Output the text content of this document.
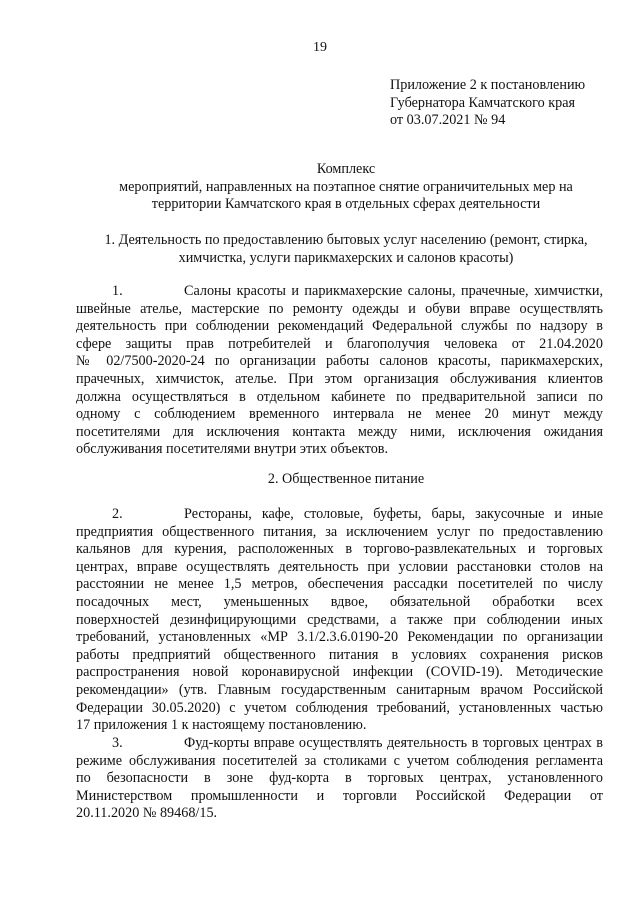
19
Приложение 2 к постановлению
Губернатора Камчатского края
от 03.07.2021 № 94
Комплекс
мероприятий, направленных на поэтапное снятие ограничительных мер на
территории Камчатского края в отдельных сферах деятельности
1. Деятельность по предоставлению бытовых услуг населению (ремонт, стирка,
химчистка, услуги парикмахерских и салонов красоты)
1.	Салоны красоты и парикмахерские салоны, прачечные, химчистки,
швейные ателье, мастерские по ремонту одежды и обуви вправе осуществлять
деятельность при соблюдении рекомендаций Федеральной службы по надзору в
сфере защиты прав потребителей и благополучия человека от 21.04.2020
№ 02/7500-2020-24 по организации работы салонов красоты, парикмахерских,
прачечных, химчисток, ателье. При этом организация обслуживания клиентов
должна осуществляться в отдельном кабинете по предварительной записи по
одному с соблюдением временного интервала не менее 20 минут между
посетителями для исключения контакта между ними, исключения ожидания
обслуживания посетителями внутри этих объектов.
2. Общественное питание
2.	Рестораны, кафе, столовые, буфеты, бары, закусочные и иные
предприятия общественного питания, за исключением услуг по предоставлению
кальянов для курения, расположенных в торгово-развлекательных и торговых
центрах, вправе осуществлять деятельность при условии расстановки столов на
расстоянии не менее 1,5 метров, обеспечения рассадки посетителей по числу
посадочных мест, уменьшенных вдвое, обязательной обработки всех
поверхностей дезинфицирующими средствами, а также при соблюдении иных
требований, установленных «МР 3.1/2.3.6.0190-20 Рекомендации по организации
работы предприятий общественного питания в условиях сохранения рисков
распространения новой коронавирусной инфекции (COVID-19). Методические
рекомендации» (утв. Главным государственным санитарным врачом Российской
Федерации 30.05.2020) с учетом соблюдения требований, установленных частью
17 приложения 1 к настоящему постановлению.
3.	Фуд-корты вправе осуществлять деятельность в торговых центрах в
режиме обслуживания посетителей за столиками с учетом соблюдения регламента
по безопасности в зоне фуд-корта в торговых центрах, установленного
Министерством промышленности и торговли Российской Федерации от
20.11.2020 № 89468/15.
